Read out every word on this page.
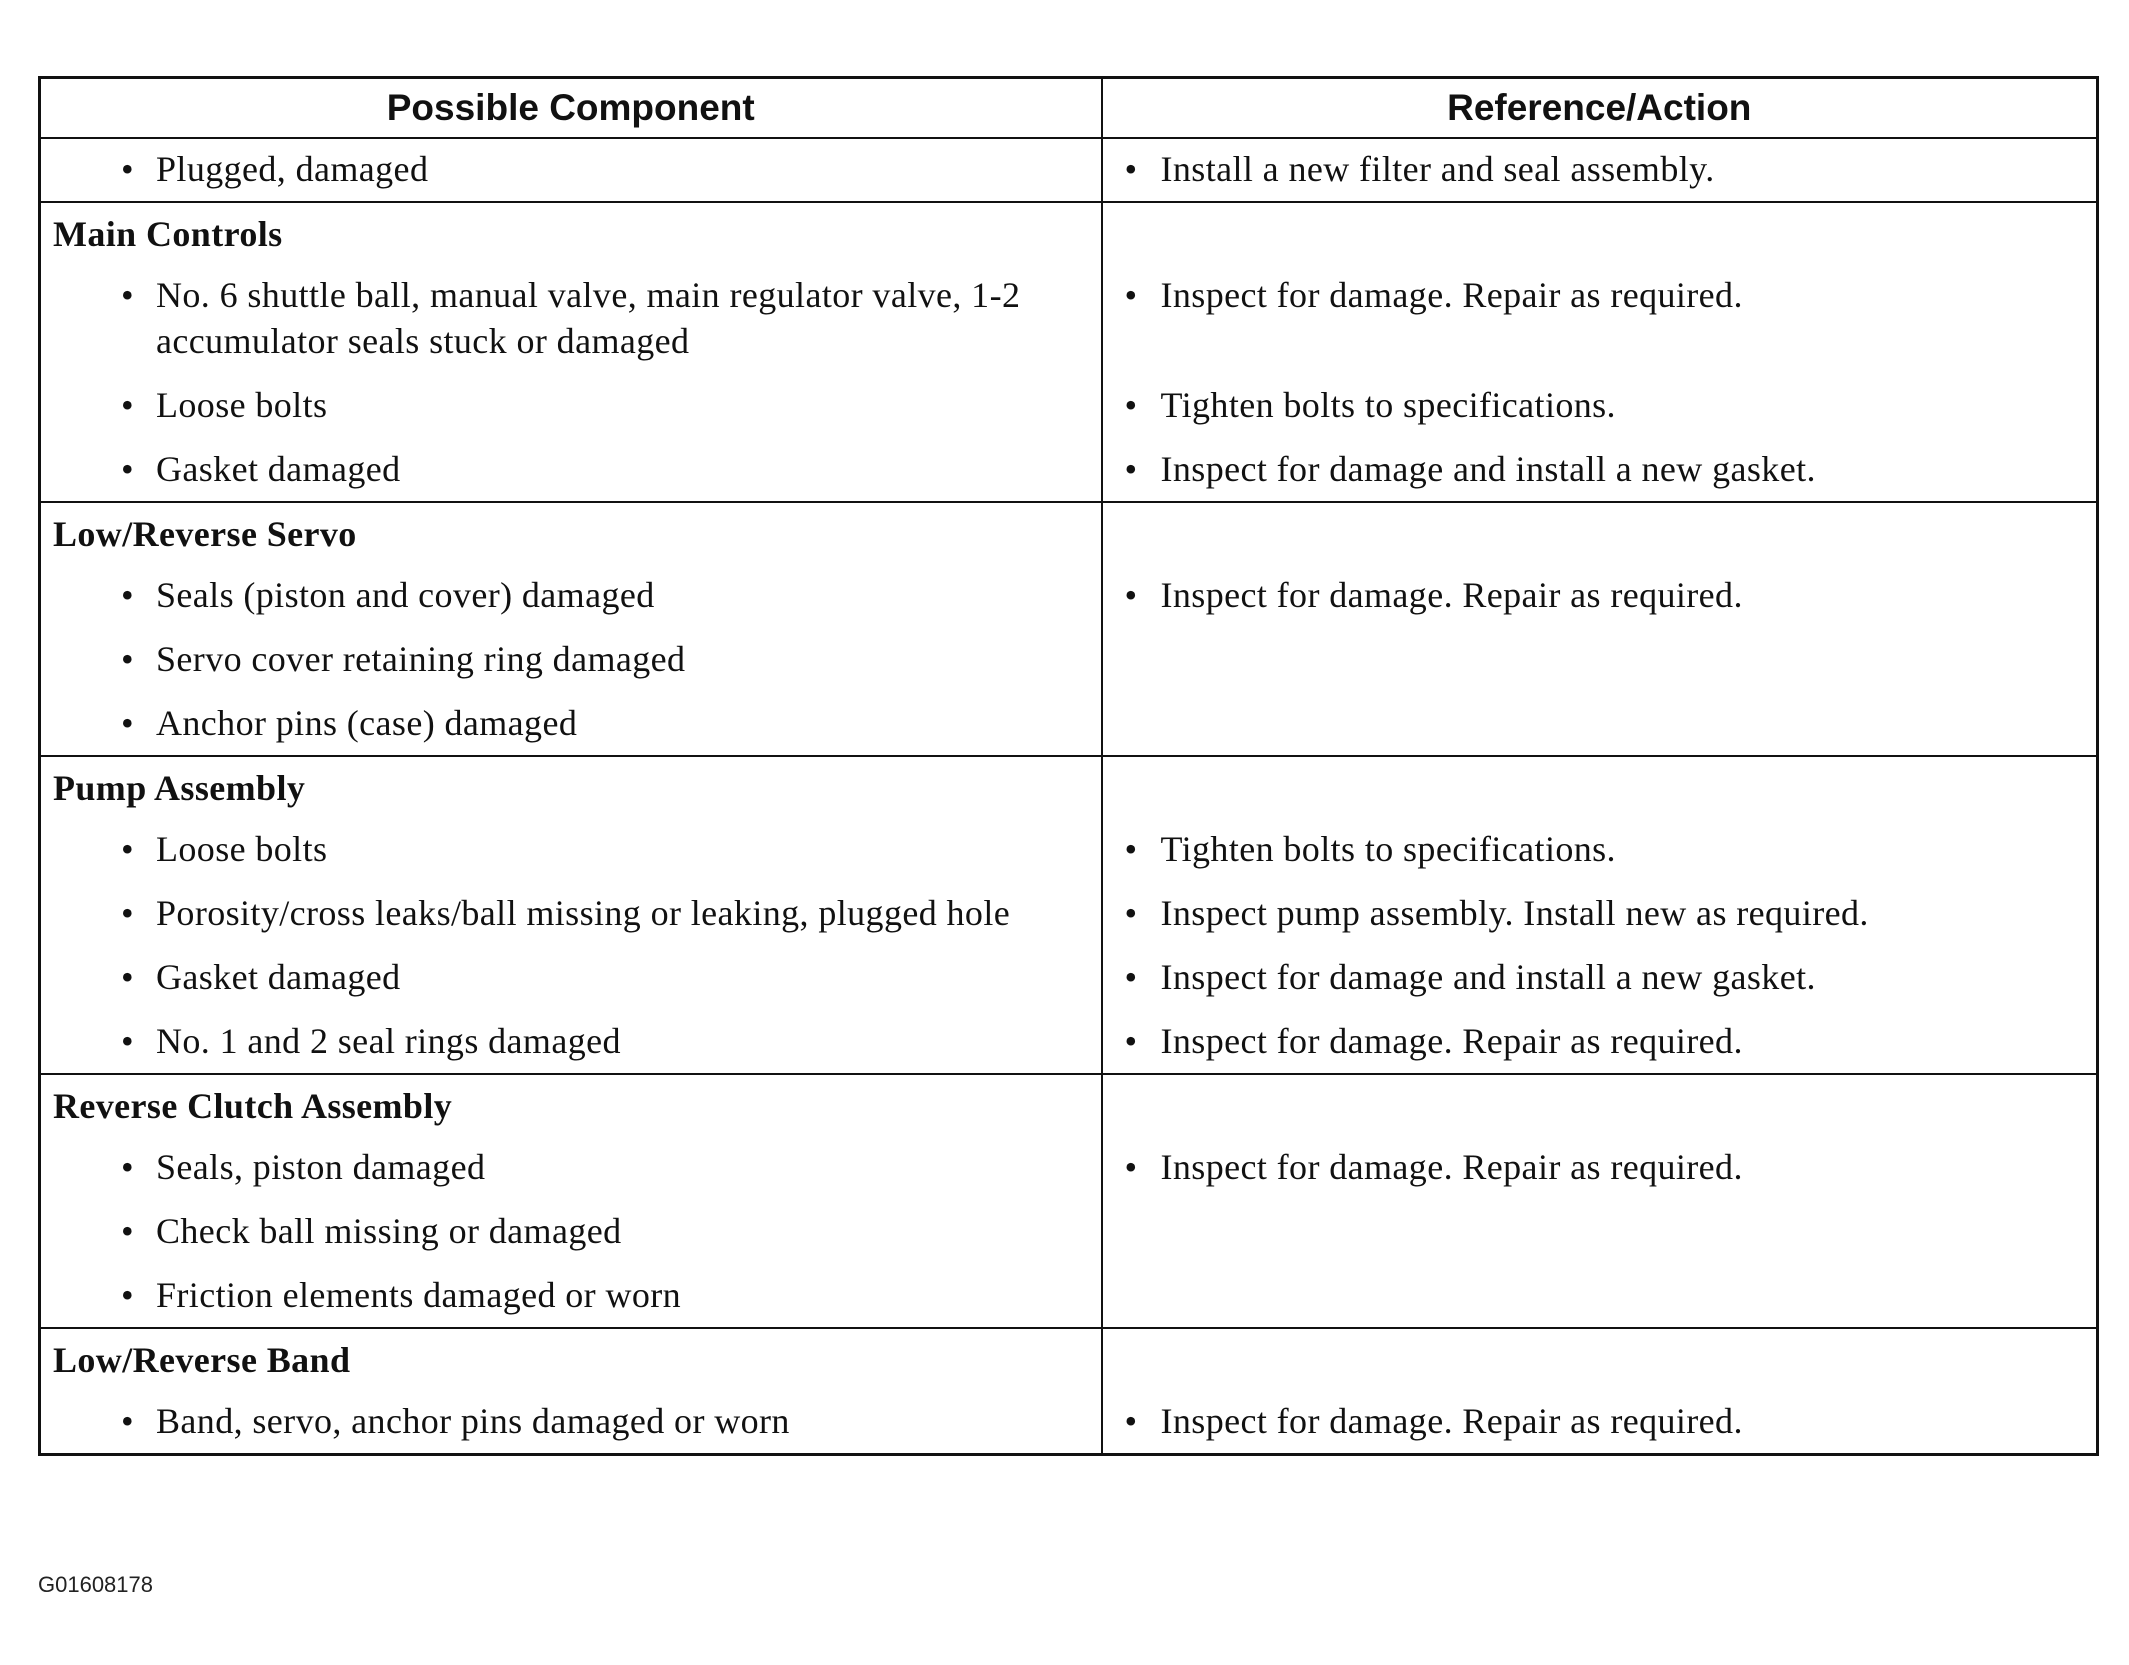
Possible Component	Reference/Action

• Plugged, damaged	• Install a new filter and seal assembly.

Main Controls	

• No. 6 shuttle ball, manual valve, main regulator valve, 1-2 accumulator seals stuck or damaged	• Inspect for damage. Repair as required.

• Loose bolts	• Tighten bolts to specifications.

• Gasket damaged	• Inspect for damage and install a new gasket.

Low/Reverse Servo	

• Seals (piston and cover) damaged	• Inspect for damage. Repair as required.

• Servo cover retaining ring damaged	

• Anchor pins (case) damaged	

Pump Assembly	

• Loose bolts	• Tighten bolts to specifications.

• Porosity/cross leaks/ball missing or leaking, plugged hole	• Inspect pump assembly. Install new as required.

• Gasket damaged	• Inspect for damage and install a new gasket.

• No. 1 and 2 seal rings damaged	• Inspect for damage. Repair as required.

Reverse Clutch Assembly	

• Seals, piston damaged	• Inspect for damage. Repair as required.

• Check ball missing or damaged	

• Friction elements damaged or worn	

Low/Reverse Band	

• Band, servo, anchor pins damaged or worn	• Inspect for damage. Repair as required.
G01608178
